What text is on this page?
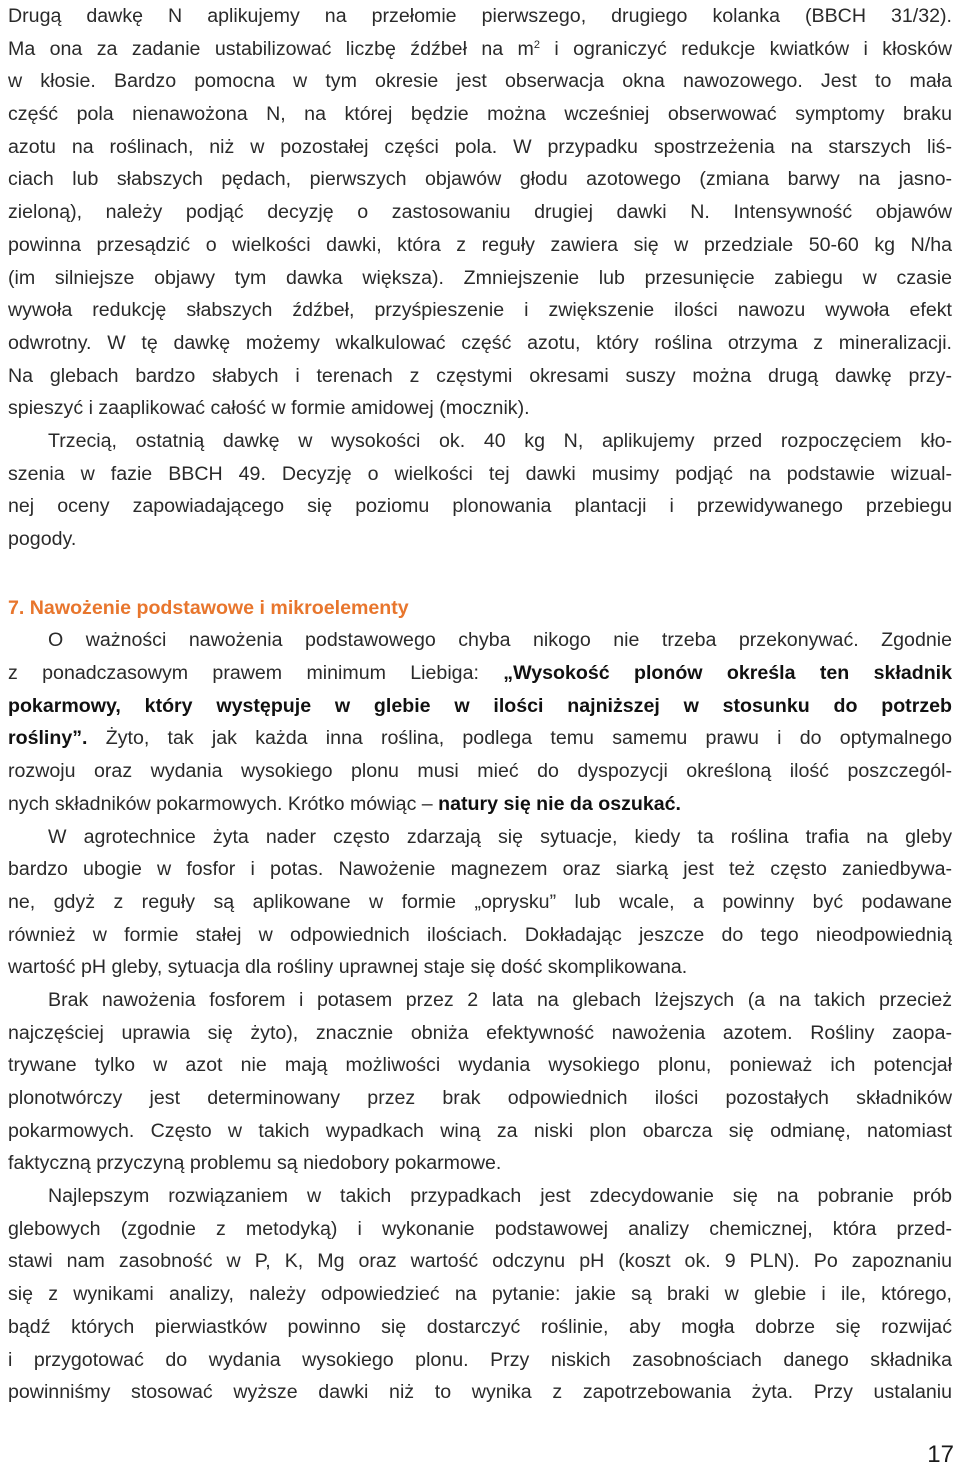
Drugą dawkę N aplikujemy na przełomie pierwszego, drugiego kolanka (BBCH 31/32).
Ma ona za zadanie ustabilizować liczbę źdźbeł na $m^2$ i ograniczyć redukcje kwiatków i kłosków
w kłosie. Bardzo pomocna w tym okresie jest obserwacja okna nawozowego. Jest to mała
część pola nienawożona N, na której będzie można wcześniej obserwować symptomy braku
azotu na roślinach, niż w pozostałej części pola. W przypadku spostrzeżenia na starszych liś-
ciach lub słabszych pędach, pierwszych objawów głodu azotowego (zmiana barwy na jasno-
zieloną), należy podjąć decyzję o zastosowaniu drugiej dawki N. Intensywność objawów
powinna przesądzić o wielkości dawki, która z reguły zawiera się w przedziale 50-60 kg N/ha
(im silniejsze objawy tym dawka większa). Zmniejszenie lub przesunięcie zabiegu w czasie
wywoła redukcję słabszych źdźbeł, przyśpieszenie i zwiększenie ilości nawozu wywoła efekt
odwrotny. W tę dawkę możemy wkalkulować część azotu, który roślina otrzyma z mineralizacji.
Na glebach bardzo słabych i terenach z częstymi okresami suszy można drugą dawkę przy-
spieszyć i zaaplikować całość w formie amidowej (mocznik).
Trzecią, ostatnią dawkę w wysokości ok. 40 kg N, aplikujemy przed rozpoczęciem kło-
szenia w fazie BBCH 49. Decyzję o wielkości tej dawki musimy podjąć na podstawie wizual-
nej oceny zapowiadającego się poziomu plonowania plantacji i przewidywanego przebiegu
pogody.
7. Nawożenie podstawowe i mikroelementy
O ważności nawożenia podstawowego chyba nikogo nie trzeba przekonywać. Zgodnie
z ponadczasowym prawem minimum Liebiga: „Wysokość plonów określa ten składnik
pokarmowy, który występuje w glebie w ilości najniższej w stosunku do potrzeb
rośliny”. Żyto, tak jak każda inna roślina, podlega temu samemu prawu i do optymalnego
rozwoju oraz wydania wysokiego plonu musi mieć do dyspozycji określoną ilość poszczegól-
nych składników pokarmowych. Krótko mówiąc – natury się nie da oszukać.
W agrotechnice żyta nader często zdarzają się sytuacje, kiedy ta roślina trafia na gleby
bardzo ubogie w fosfor i potas. Nawożenie magnezem oraz siarką jest też często zaniedbywa-
ne, gdyż z reguły są aplikowane w formie „oprysku” lub wcale, a powinny być podawane
również w formie stałej w odpowiednich ilościach. Dokładając jeszcze do tego nieodpowiednią
wartość pH gleby, sytuacja dla rośliny uprawnej staje się dość skomplikowana.
Brak nawożenia fosforem i potasem przez 2 lata na glebach lżejszych (a na takich przecież
najczęściej uprawia się żyto), znacznie obniża efektywność nawożenia azotem. Rośliny zaopa-
trywane tylko w azot nie mają możliwości wydania wysokiego plonu, ponieważ ich potencjał
plonotwórczy jest determinowany przez brak odpowiednich ilości pozostałych składników
pokarmowych. Często w takich wypadkach winą za niski plon obarcza się odmianę, natomiast
faktyczną przyczyną problemu są niedobory pokarmowe.
Najlepszym rozwiązaniem w takich przypadkach jest zdecydowanie się na pobranie prób
glebowych (zgodnie z metodyką) i wykonanie podstawowej analizy chemicznej, która przed-
stawi nam zasobność w P, K, Mg oraz wartość odczynu pH (koszt ok. 9 PLN). Po zapoznaniu
się z wynikami analizy, należy odpowiedzieć na pytanie: jakie są braki w glebie i ile, którego,
bądź których pierwiastków powinno się dostarczyć roślinie, aby mogła dobrze się rozwijać
i przygotować do wydania wysokiego plonu. Przy niskich zasobnościach danego składnika
powinniśmy stosować wyższe dawki niż to wynika z zapotrzebowania żyta. Przy ustalaniu
17
